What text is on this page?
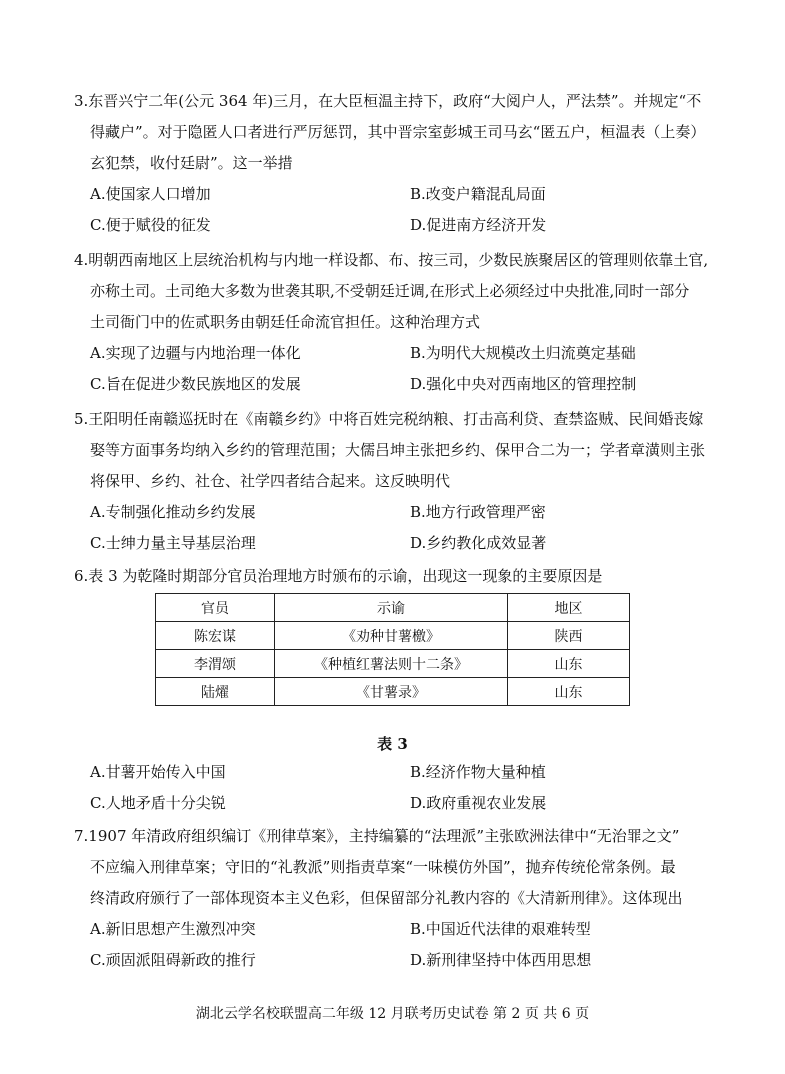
3.东晋兴宁二年(公元 364 年)三月，在大臣桓温主持下，政府“大阅户人，严法禁”。并规定“不
得藏户”。对于隐匿人口者进行严厉惩罚，其中晋宗室彭城王司马玄“匿五户，桓温表（上奏）
玄犯禁，收付廷尉”。这一举措
A.使国家人口增加	B.改变户籍混乱局面
C.便于赋役的征发	D.促进南方经济开发
4.明朝西南地区上层统治机构与内地一样设都、布、按三司，少数民族聚居区的管理则依靠土官,
亦称土司。土司绝大多数为世袭其职,不受朝廷迁调,在形式上必须经过中央批准,同时一部分
土司衙门中的佐贰职务由朝廷任命流官担任。这种治理方式
A.实现了边疆与内地治理一体化	B.为明代大规模改土归流奠定基础
C.旨在促进少数民族地区的发展	D.强化中央对西南地区的管理控制
5.王阳明任南赣巡抚时在《南赣乡约》中将百姓完税纳粮、打击高利贷、查禁盗贼、民间婚丧嫁
娶等方面事务均纳入乡约的管理范围；大儒吕坤主张把乡约、保甲合二为一；学者章潢则主张
将保甲、乡约、社仓、社学四者结合起来。这反映明代
A.专制强化推动乡约发展	B.地方行政管理严密
C.士绅力量主导基层治理	D.乡约教化成效显著
6.表 3 为乾隆时期部分官员治理地方时颁布的示谕，出现这一现象的主要原因是
官员	示谕	地区
陈宏谋	《劝种甘薯檄》	陕西
李渭颂	《种植红薯法则十二条》	山东
陆燿	《甘薯录》	山东
表 3
A.甘薯开始传入中国	B.经济作物大量种植
C.人地矛盾十分尖锐	D.政府重视农业发展
7.1907 年清政府组织编订《刑律草案》，主持编纂的“法理派”主张欧洲法律中“无治罪之文”
不应编入刑律草案；守旧的“礼教派”则指责草案“一味模仿外国”，抛弃传统伦常条例。最
终清政府颁行了一部体现资本主义色彩，但保留部分礼教内容的《大清新刑律》。这体现出
A.新旧思想产生激烈冲突	B.中国近代法律的艰难转型
C.顽固派阻碍新政的推行	D.新刑律坚持中体西用思想
湖北云学名校联盟高二年级 12 月联考历史试卷 第 2 页 共 6 页
